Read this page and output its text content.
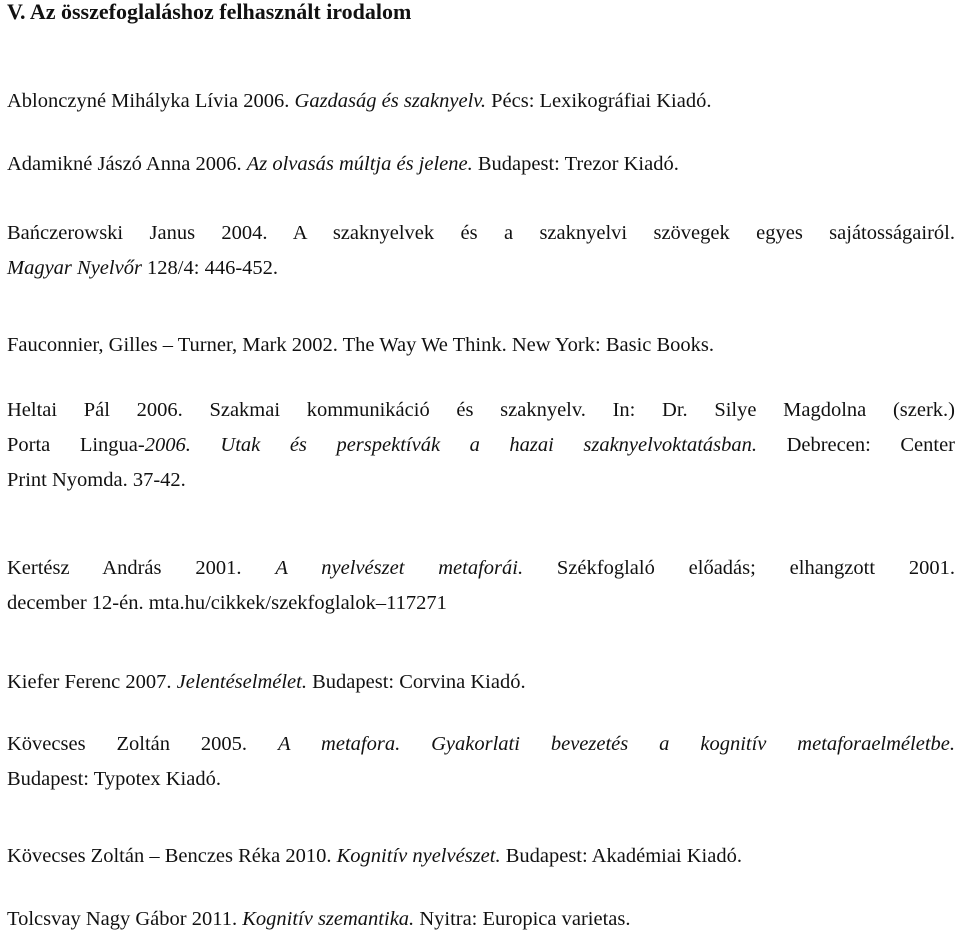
V. Az összefoglaláshoz felhasznált irodalom
Ablonczyné Mihályka Lívia 2006. Gazdaság és szaknyelv. Pécs: Lexikográfiai Kiadó.
Adamikné Jászó Anna 2006. Az olvasás múltja és jelene. Budapest: Trezor Kiadó.
Bańczerowski Janus 2004. A szaknyelvek és a szaknyelvi szövegek egyes sajátosságairól.
Magyar Nyelvőr 128/4: 446-452.
Fauconnier, Gilles – Turner, Mark 2002. The Way We Think. New York: Basic Books.
Heltai Pál 2006. Szakmai kommunikáció és szaknyelv. In: Dr. Silye Magdolna (szerk.)
Porta Lingua-2006. Utak és perspektívák a hazai szaknyelvoktatásban. Debrecen: Center
Print Nyomda. 37-42.
Kertész András 2001. A nyelvészet metaforái. Székfoglaló előadás; elhangzott 2001.
december 12-én. mta.hu/cikkek/szekfoglalok–117271
Kiefer Ferenc 2007. Jelentéselmélet. Budapest: Corvina Kiadó.
Kövecses Zoltán 2005. A metafora. Gyakorlati bevezetés a kognitív metaforaelméletbe.
Budapest: Typotex Kiadó.
Kövecses Zoltán – Benczes Réka 2010. Kognitív nyelvészet. Budapest: Akadémiai Kiadó.
Tolcsvay Nagy Gábor 2011. Kognitív szemantika. Nyitra: Europica varietas.
